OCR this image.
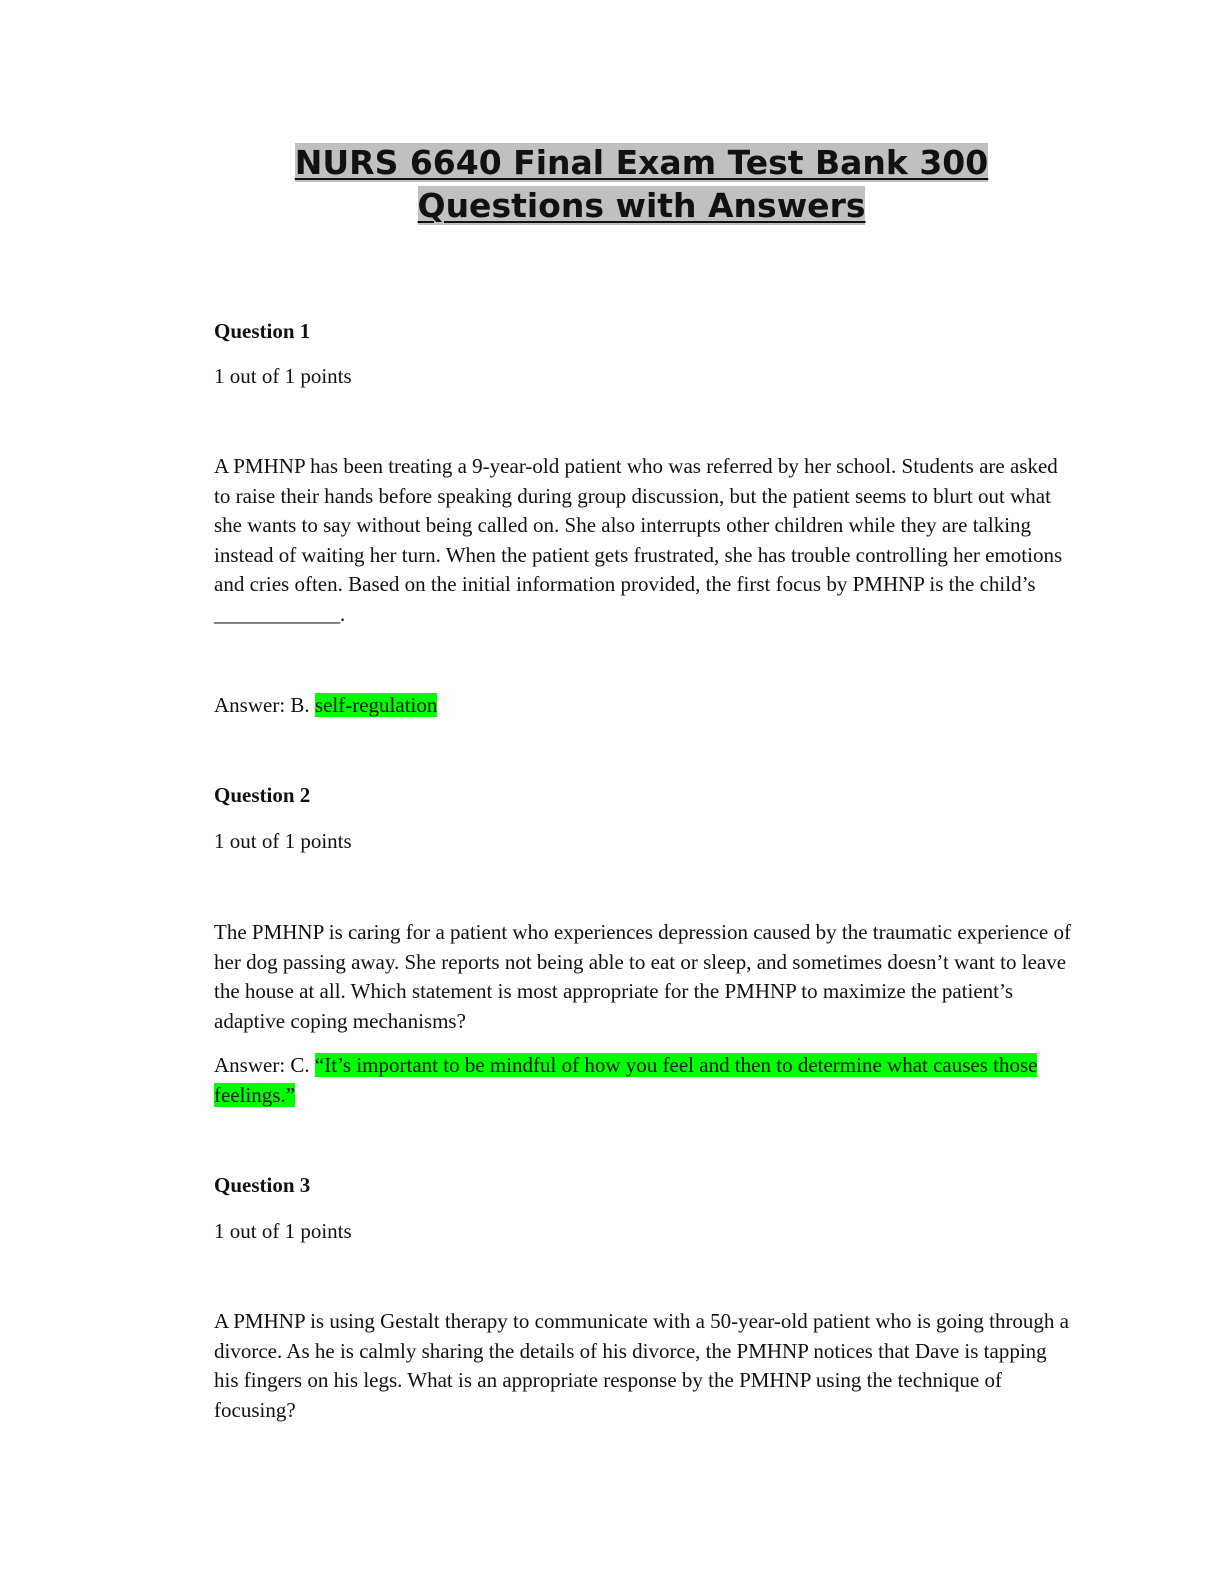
NURS 6640 Final Exam Test Bank 300
Questions with Answers

Question 1

1 out of 1 points

A PMHNP has been treating a 9-year-old patient who was referred by her school. Students are asked to raise their hands before speaking during group discussion, but the patient seems to blurt out what she wants to say without being called on. She also interrupts other children while they are talking instead of waiting her turn. When the patient gets frustrated, she has trouble controlling her emotions and cries often. Based on the initial information provided, the first focus by PMHNP is the child’s ____________.

Answer: B. self-regulation

Question 2

1 out of 1 points

The PMHNP is caring for a patient who experiences depression caused by the traumatic experience of her dog passing away. She reports not being able to eat or sleep, and sometimes doesn’t want to leave the house at all. Which statement is most appropriate for the PMHNP to maximize the patient’s adaptive coping mechanisms?

Answer: C. “It’s important to be mindful of how you feel and then to determine what causes those feelings.”

Question 3

1 out of 1 points

A PMHNP is using Gestalt therapy to communicate with a 50-year-old patient who is going through a divorce. As he is calmly sharing the details of his divorce, the PMHNP notices that Dave is tapping his fingers on his legs. What is an appropriate response by the PMHNP using the technique of focusing?
